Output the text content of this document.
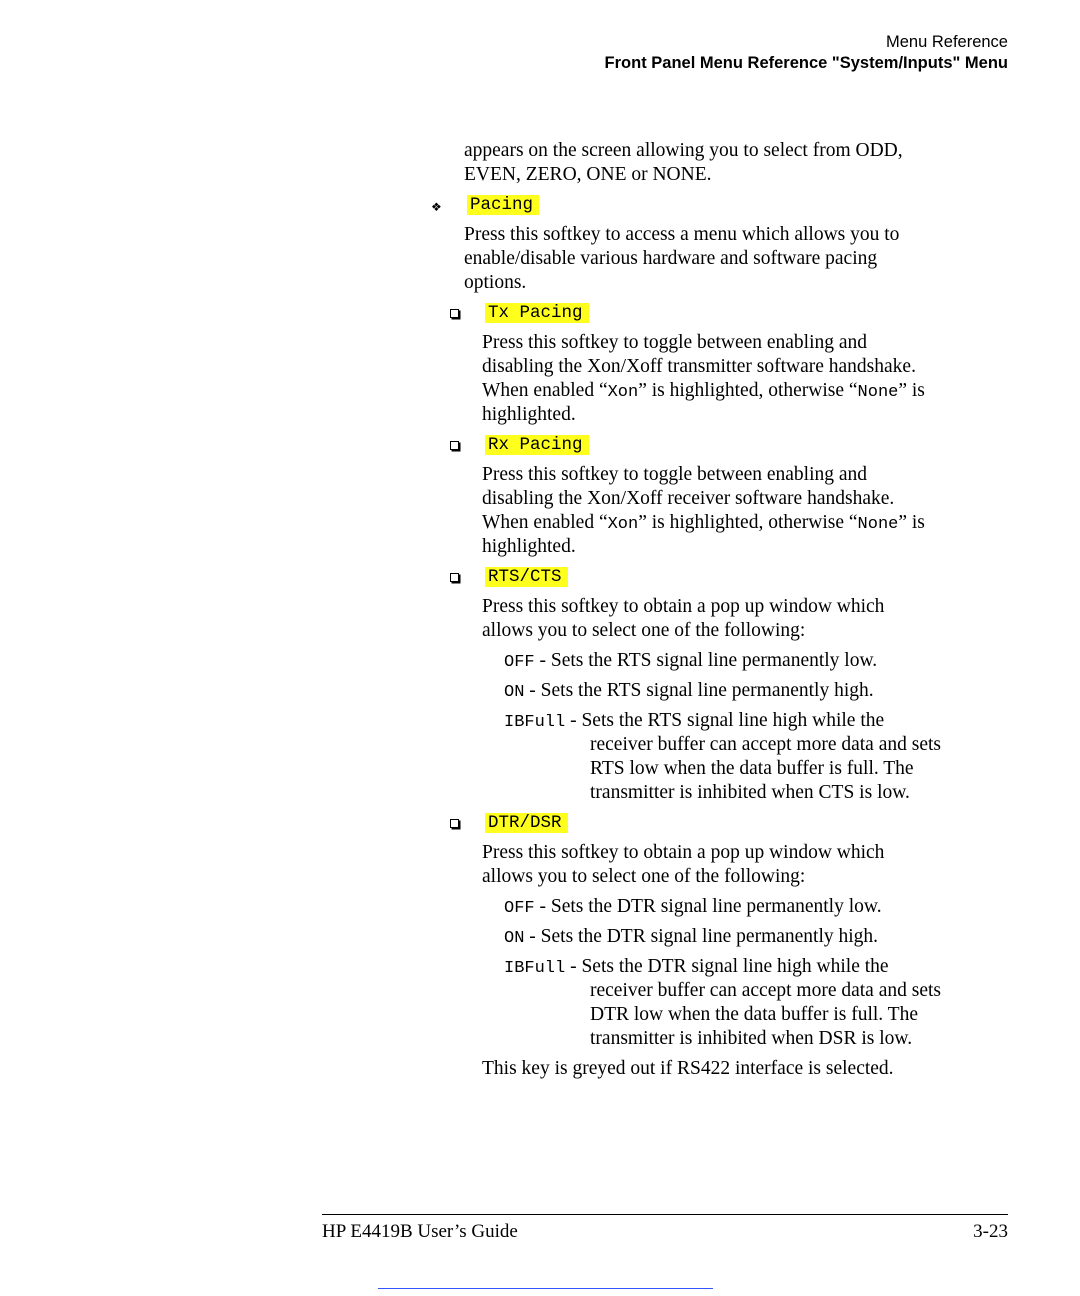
Menu Reference
Front Panel Menu Reference "System/Inputs" Menu
appears on the screen allowing you to select from ODD,
EVEN, ZERO, ONE or NONE.
❖ Pacing
Press this softkey to access a menu which allows you to
enable/disable various hardware and software pacing
options.
Tx Pacing
Press this softkey to toggle between enabling and
disabling the Xon/Xoff transmitter software handshake.
When enabled “Xon” is highlighted, otherwise “None” is
highlighted.
Rx Pacing
Press this softkey to toggle between enabling and
disabling the Xon/Xoff receiver software handshake.
When enabled “Xon” is highlighted, otherwise “None” is
highlighted.
RTS/CTS
Press this softkey to obtain a pop up window which
allows you to select one of the following:
OFF - Sets the RTS signal line permanently low.
ON - Sets the RTS signal line permanently high.
IBFull - Sets the RTS signal line high while the
receiver buffer can accept more data and sets
RTS low when the data buffer is full. The
transmitter is inhibited when CTS is low.
DTR/DSR
Press this softkey to obtain a pop up window which
allows you to select one of the following:
OFF - Sets the DTR signal line permanently low.
ON - Sets the DTR signal line permanently high.
IBFull - Sets the DTR signal line high while the
receiver buffer can accept more data and sets
DTR low when the data buffer is full. The
transmitter is inhibited when DSR is low.
This key is greyed out if RS422 interface is selected.
HP E4419B User’s Guide	3-23
